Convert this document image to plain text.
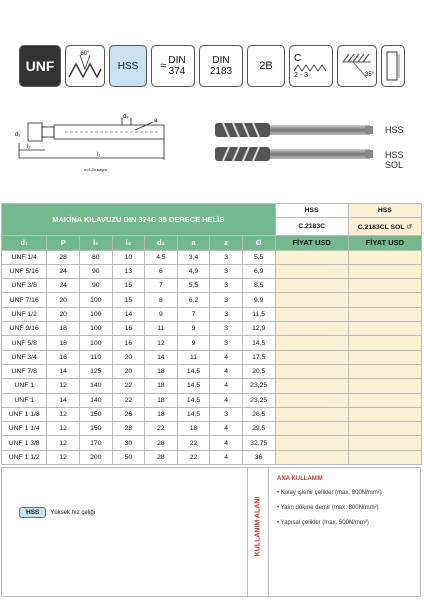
UNF
60°
HSS ≈ DIN
374
DIN
2183 2B
C
2 - 3	35°
d₁
d₂
l₁
l₂
a
z=4,2x sayısı
HSS
HSS SOL
MAKİNA KILAVUZU DIN 374C 35 DERECE HELİS								HSS	HSS
								C.2183C	C.2183CL SOL ↺
d₁	P	l₁	l₂	d₂	a	z	Ø	FİYAT USD	FİYAT USD
UNF 1/4	28	80	10	4,5	3,4	3	5,5		
UNF 5/16	24	90	13	6	4,9	3	6,9		
UNF 3/8	24	90	15	7	5,5	3	8,5		
UNF 7/16	20	100	15	8	6,2	3	9,9		
UNF 1/2	20	100	14	9	7	3	11,5		
UNF 9/16	18	100	16	11	9	3	12,9		
UNF 5/8	18	100	16	12	9	3	14,5		
UNF 3/4	16	110	20	14	11	4	17,5		
UNF 7/8	14	125	20	18	14,5	4	20,5		
UNF 1	12	140	22	18	14,5	4	23,25		
UNF 1	14	140	22	18	14,5	4	23,25		
UNF 1 1/8	12	150	26	18	14,5	3	26,5		
UNF 1 1/4	12	150	28	22	18	4	29,5		
UNF 1 3/8	12	170	30	28	22	4	32,75		
UNF 1 1/2	12	200	50	28	22	4	36		
HSS	Yüksek hız çeliği	KULLANIM ALANI
ANA KULLANIM
• Kolay işlenir çelikler (max. 800N/mm²)
• Yalın dökme demir (max. 800N/mm²)
• Yapısal çelikler (max. 500N/mm²)
